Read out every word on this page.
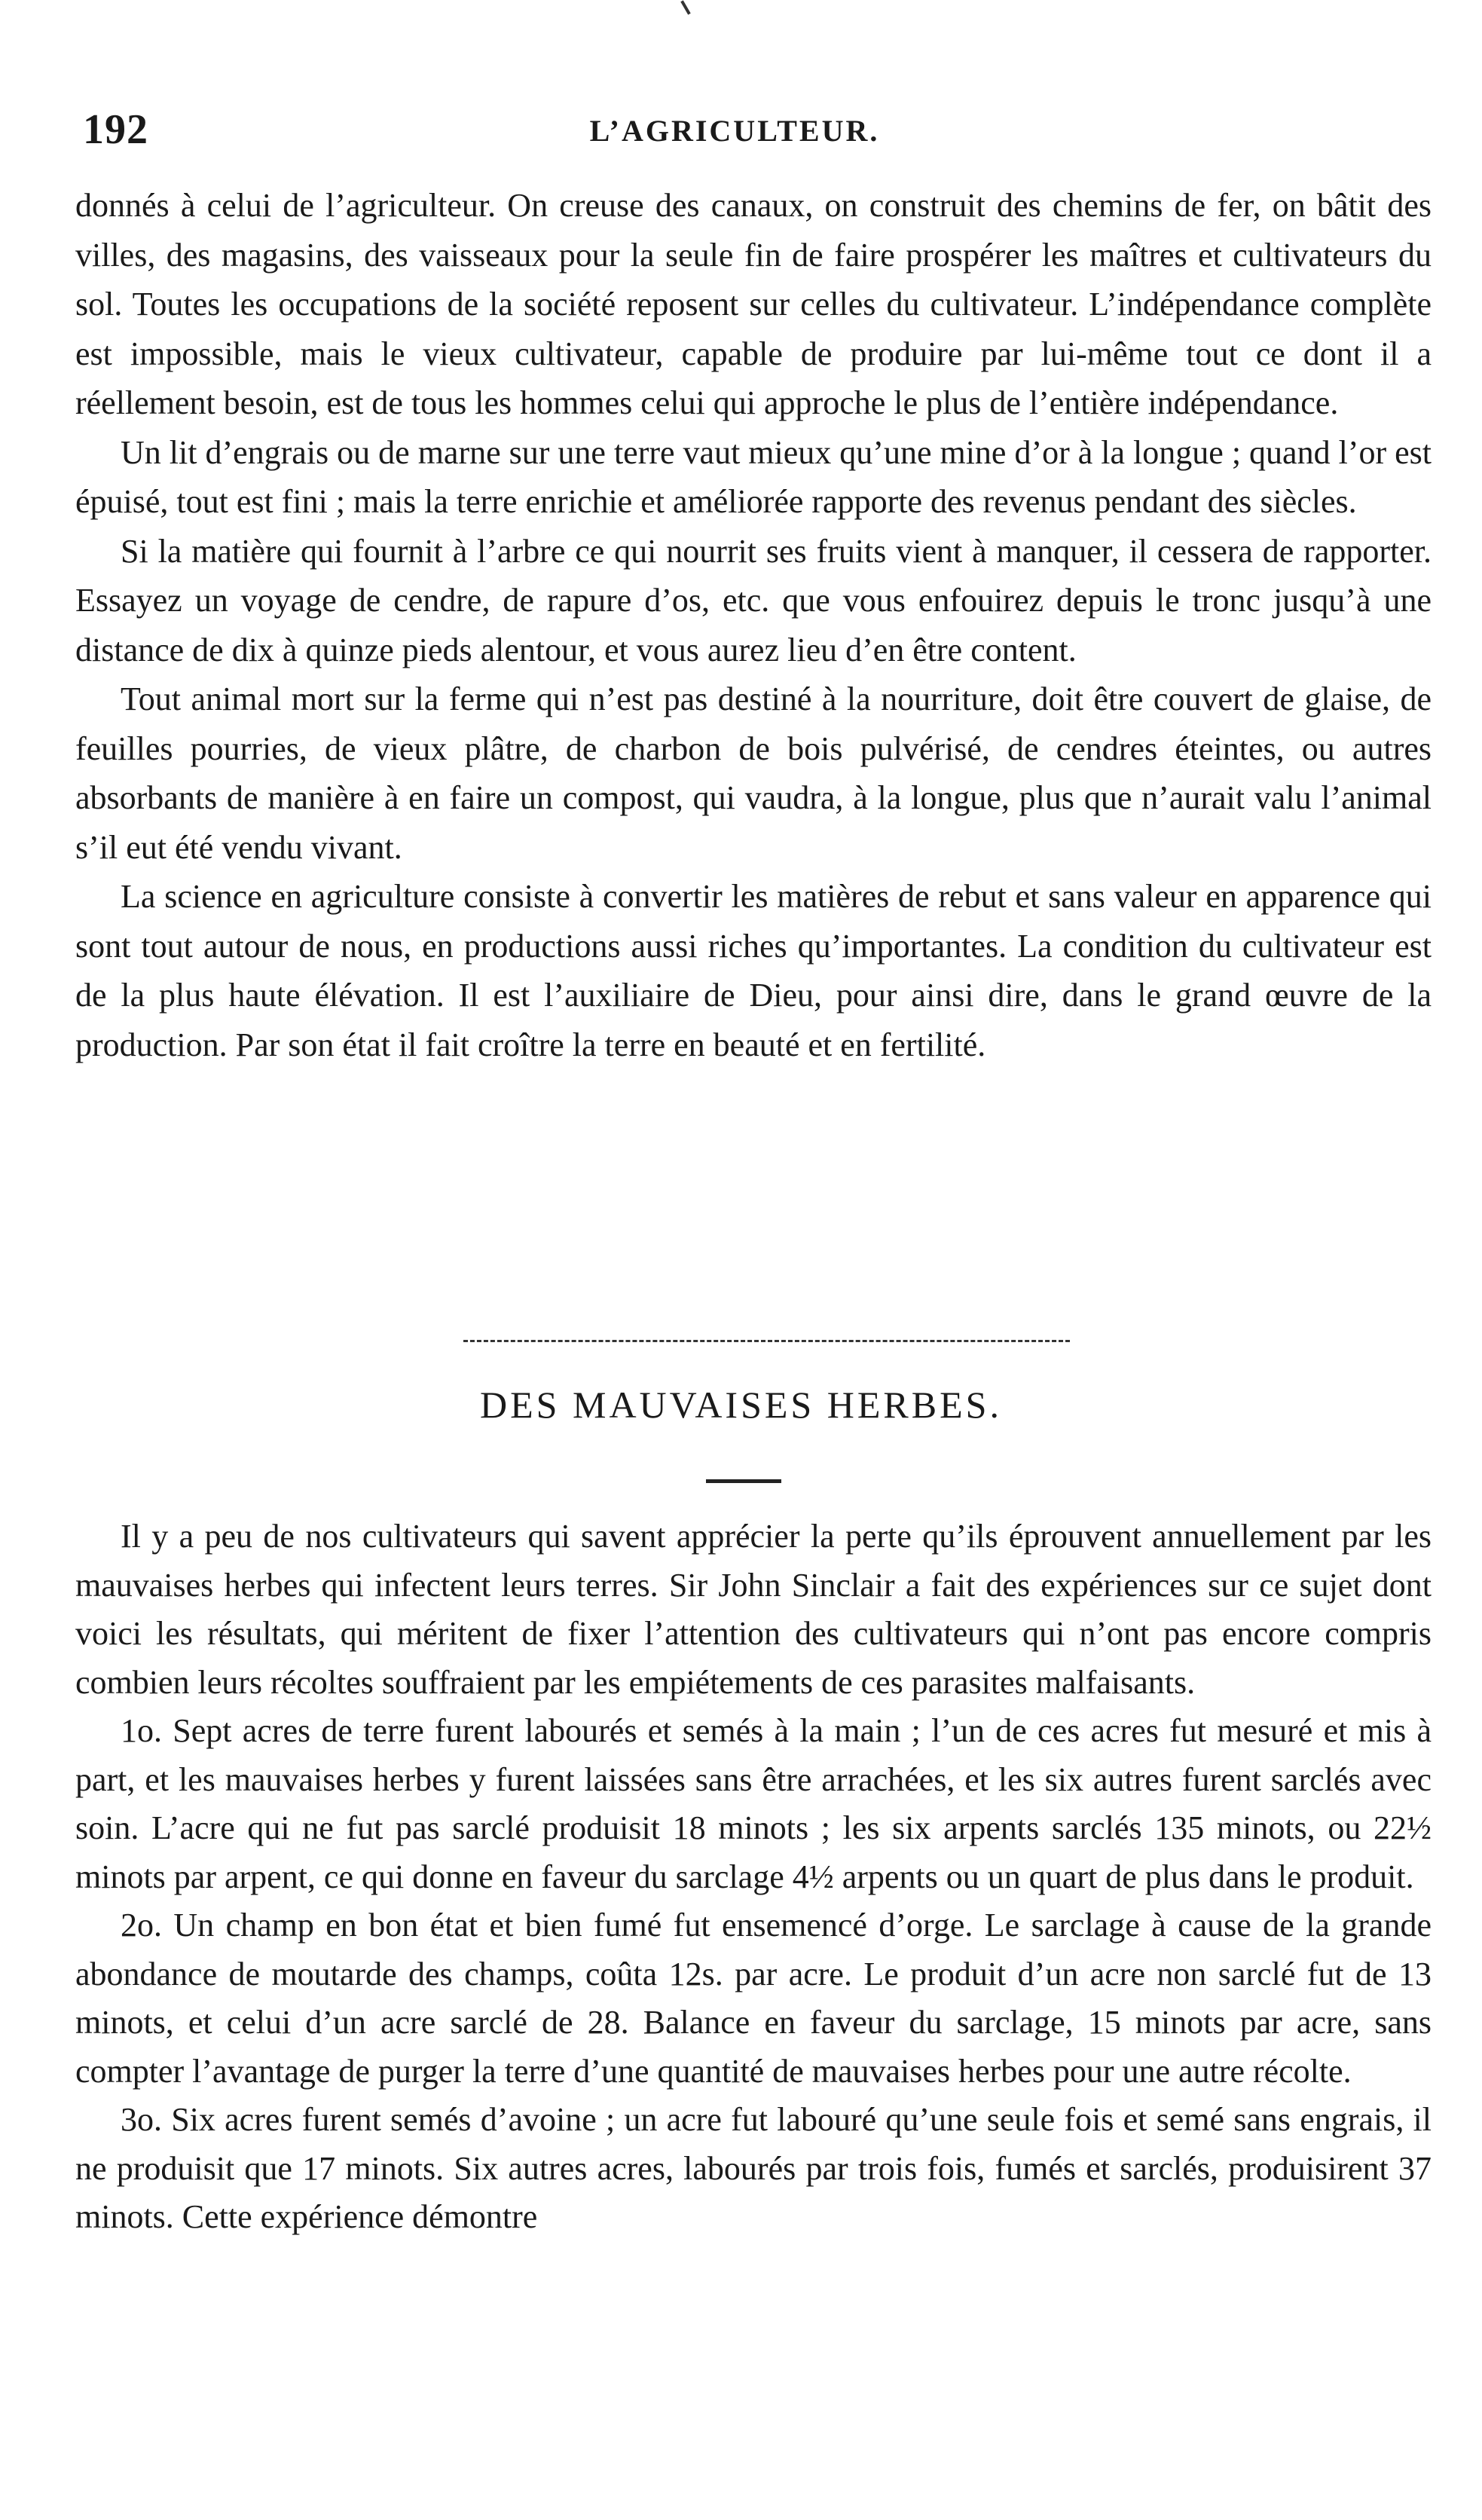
192	L’AGRICULTEUR.

donnés à celui de l’agriculteur. On creuse des canaux, on construit des chemins de fer, on bâtit des villes, des magasins, des vaisseaux pour la seule fin de faire prospérer les maîtres et cultivateurs du sol. Toutes les occupations de la société reposent sur celles du cultivateur. L’indépendance complète est impossible, mais le vieux cultivateur, capable de produire par lui-même tout ce dont il a réellement besoin, est de tous les hommes celui qui approche le plus de l’entière indépendance.

Un lit d’engrais ou de marne sur une terre vaut mieux qu’une mine d’or à la longue ; quand l’or est épuisé, tout est fini ; mais la terre enrichie et améliorée rapporte des revenus pendant des siècles.

Si la matière qui fournit à l’arbre ce qui nourrit ses fruits vient à manquer, il cessera de rapporter. Essayez un voyage de cendre, de rapure d’os, etc. que vous enfouirez depuis le tronc jusqu’à une distance de dix à quinze pieds alentour, et vous aurez lieu d’en être content.

Tout animal mort sur la ferme qui n’est pas destiné à la nourriture, doit être couvert de glaise, de feuilles pourries, de vieux plâtre, de charbon de bois pulvérisé, de cendres éteintes, ou autres absorbants de manière à en faire un compost, qui vaudra, à la longue, plus que n’aurait valu l’animal s’il eut été vendu vivant.

La science en agriculture consiste à convertir les matières de rebut et sans valeur en apparence qui sont tout autour de nous, en productions aussi riches qu’importantes. La condition du cultivateur est de la plus haute élévation. Il est l’auxiliaire de Dieu, pour ainsi dire, dans le grand œuvre de la production. Par son état il fait croître la terre en beauté et en fertilité.

DES MAUVAISES HERBES.

Il y a peu de nos cultivateurs qui savent apprécier la perte qu’ils éprouvent annuellement par les mauvaises herbes qui infectent leurs terres. Sir John Sinclair a fait des expériences sur ce sujet dont voici les résultats, qui méritent de fixer l’attention des cultivateurs qui n’ont pas encore compris combien leurs récoltes souffraient par les empiétements de ces parasites malfaisants.

1o. Sept acres de terre furent labourés et semés à la main ; l’un de ces acres fut mesuré et mis à part, et les mauvaises herbes y furent laissées sans être arrachées, et les six autres furent sarclés avec soin. L’acre qui ne fut pas sarclé produisit 18 minots ; les six arpents sarclés 135 minots, ou 22½ minots par arpent, ce qui donne en faveur du sarclage 4½ arpents ou un quart de plus dans le produit.

2o. Un champ en bon état et bien fumé fut ensemencé d’orge. Le sarclage à cause de la grande abondance de moutarde des champs, coûta 12s. par acre. Le produit d’un acre non sarclé fut de 13 minots, et celui d’un acre sarclé de 28. Balance en faveur du sarclage, 15 minots par acre, sans compter l’avantage de purger la terre d’une quantité de mauvaises herbes pour une autre récolte.

3o. Six acres furent semés d’avoine ; un acre fut labouré qu’une seule fois et semé sans engrais, il ne produisit que 17 minots. Six autres acres, labourés par trois fois, fumés et sarclés, produisirent 37 minots. Cette expérience démontre
